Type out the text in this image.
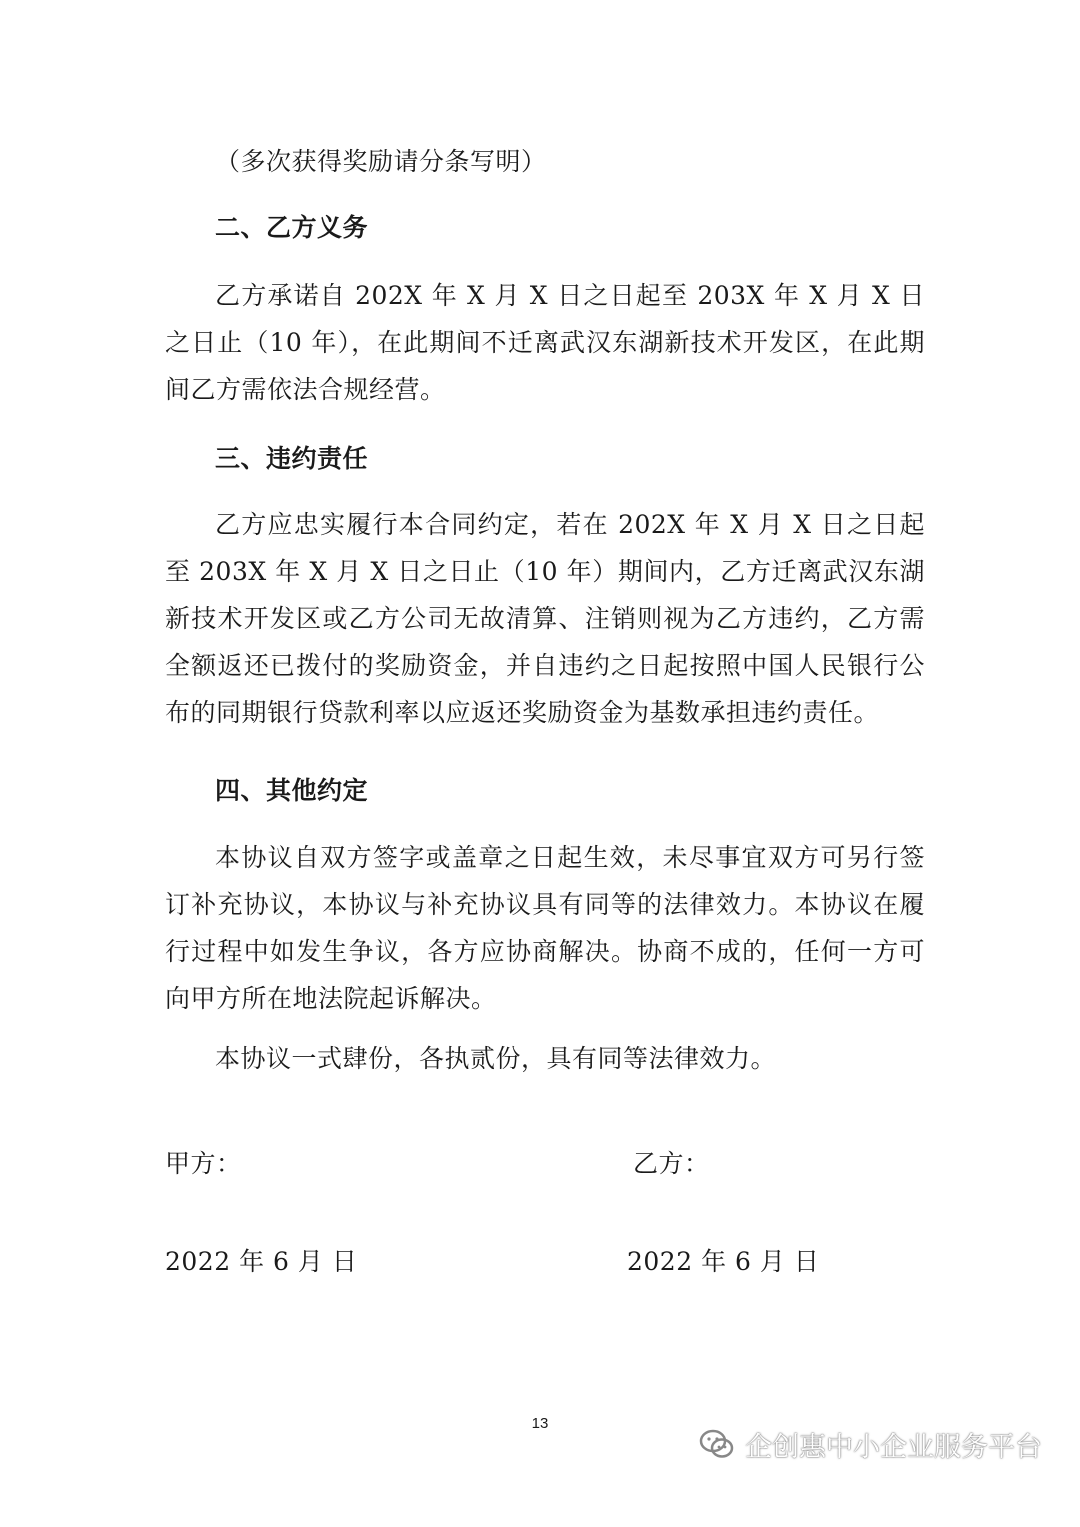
（多次获得奖励请分条写明）
二、乙方义务
乙方承诺自 202X 年 X 月 X 日之日起至 203X 年 X 月 X 日之日止（10 年），在此期间不迁离武汉东湖新技术开发区，在此期间乙方需依法合规经营。
三、违约责任
乙方应忠实履行本合同约定，若在 202X 年 X 月 X 日之日起至 203X 年 X 月 X 日之日止（10 年）期间内，乙方迁离武汉东湖新技术开发区或乙方公司无故清算、注销则视为乙方违约，乙方需全额返还已拨付的奖励资金，并自违约之日起按照中国人民银行公布的同期银行贷款利率以应返还奖励资金为基数承担违约责任。
四、其他约定
本协议自双方签字或盖章之日起生效，未尽事宜双方可另行签订补充协议，本协议与补充协议具有同等的法律效力。本协议在履行过程中如发生争议，各方应协商解决。协商不成的，任何一方可向甲方所在地法院起诉解决。
本协议一式肆份，各执贰份，具有同等法律效力。
甲方：	乙方：
2022 年 6 月 日	2022 年 6 月 日
13
企创惠中小企业服务平台
